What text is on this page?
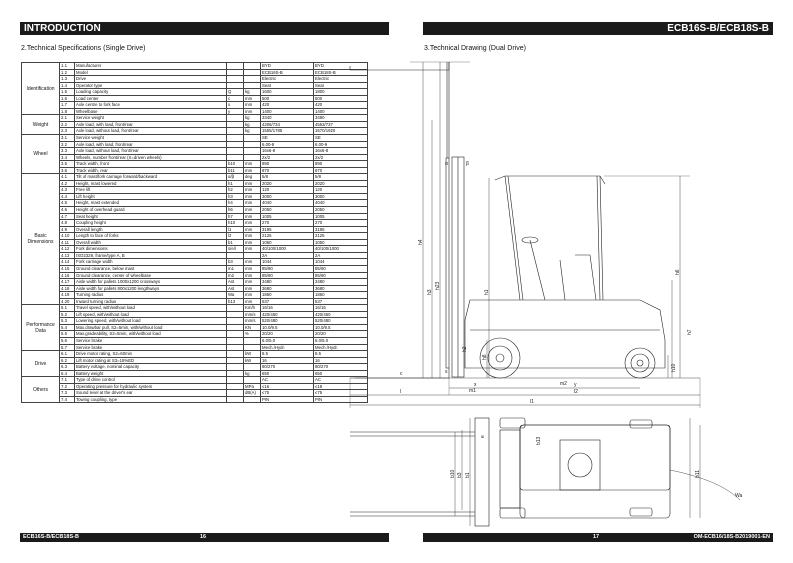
INTRODUCTION	ECB16S-B/ECB18S-B
2.Technical Specifications (Single Drive)	3.Technical Drawing (Dual Drive)
Identification	1.1	Manufacturer			BYD	BYD
	1.2	Model			ECB16S-B	ECB18S-B
	1.3	Drive			Electric	Electric
	1.4	Operator type			Seat	Seat
	1.5	Loading capacity	Q	kg	1600	1800
	1.6	Load center	c	mm	500	500
	1.7	Axle centre to fork face	x	mm	420	420
	1.8	Wheelbase	y	mm	1400	1400
Weight	2.1	Service weight		kg	3340	3490
	2.2	Axle load, with load, front/rear		kg	4206/734	4553/737
	2.3	Axle load, without load, front/rear		kg	1555/1785	1570/1920
Wheel	3.1	Service weight			SE	SE
	3.2	Axle load, with load, front/rear			6.00-9	6.00-9
	3.3	Axle load, without load, front/rear			16x6-8	16x6-8
	3.4	Wheels, number front/rear (X=driven wheels)			2x/2	2x/2
	3.5	Track width, front	b10	mm	890	890
	3.6	Track width, rear	b11	mm	870	870
Basic Dimensions	4.1	Tilt of mast/fork carriage forward/backward	α/β	deg	5/8	5/8
	4.2	Height, mast lowered	h1	mm	2020	2020
	4.3	Free lift	h2	mm	120	120
	4.4	Lift height	h3	mm	3000	3000
	4.5	Height, mast extended	h4	mm	4040	4040
	4.6	Height of overhead guard	h6	mm	2050	2050
	4.7	Seat height	h7	mm	1005	1005
	4.8	Coupling height	h10	mm	270	270
	4.9	Overall length	l1	mm	3195	3195
	4.10	Length to face of forks	l2	mm	2125	2125
	4.11	Overall width	b1	mm	1050	1050
	4.12	Fork dimensions	s/e/l	mm	40/100/1000	40/100/1000
	4.13	ISO2328, frame/type A, B			2A	2A
	4.14	Fork carriage width	b3	mm	1044	1044
	4.15	Ground clearance, below mast	m1	mm	85/90	85/90
	4.16	Ground clearance, center of wheelbase	m2	mm	85/90	85/90
	4.17	Aisle width for pallets 1000x1200 crossways	Ast	mm	3480	3480
	4.18	Aisle width for pallets 800x1200 lengthways	Ast	mm	3680	3680
	4.19	Turning radius	Wa	mm	1860	1860
	4.20	Inward turning radius	b13	mm	537	537
Performance Data	5.1	Travel speed, with/without load		Km/h	16/16	16/16
	5.2	Lift speed, with/without load		mm/s	420/450	420/450
	5.3	Lowering speed, with/without load		mm/s	520/480	520/480
	5.4	Max.drawbar pull, S2=5min, with/without load		KN	10.0/9.5	10.0/9.5
	5.5	Max.gradeability, S2=5min, with/without load		%	20/20	20/20
	5.6	Service brake			6.0/5.0	6.0/5.0
	5.7	Service brake			Mech./Hydr.	Mech./Hydr.
Drive	6.1	Drive motor rating, S2=60min		kW	8.5	8.5
	6.2	Lift motor rating at S3=15%ED		kW	16	16
	6.3	Battery voltage, nominal capacity			80/270	80/270
	6.4	Battery weight		kg	650	650
Others	7.1	Type of drive control			AC	AC
	7.2	Operating pressure for hydraulic system		MPa	≤16	≤18
	7.3	Sound level at the driver's ear		dB(A)	≤75	≤75
	7.4	Towing coupling, type			PIN	PIN
h4
h3
h23
h1
h8
h2
h6
h7
h10
m1
m2
x	y
l	l2
l1
c	s
e
b13
b1
b3
b10	b11
Wa
α	β
ECB16S-B/ECB18S-B	16	17	OM-ECB16/18S-B2019001-EN
